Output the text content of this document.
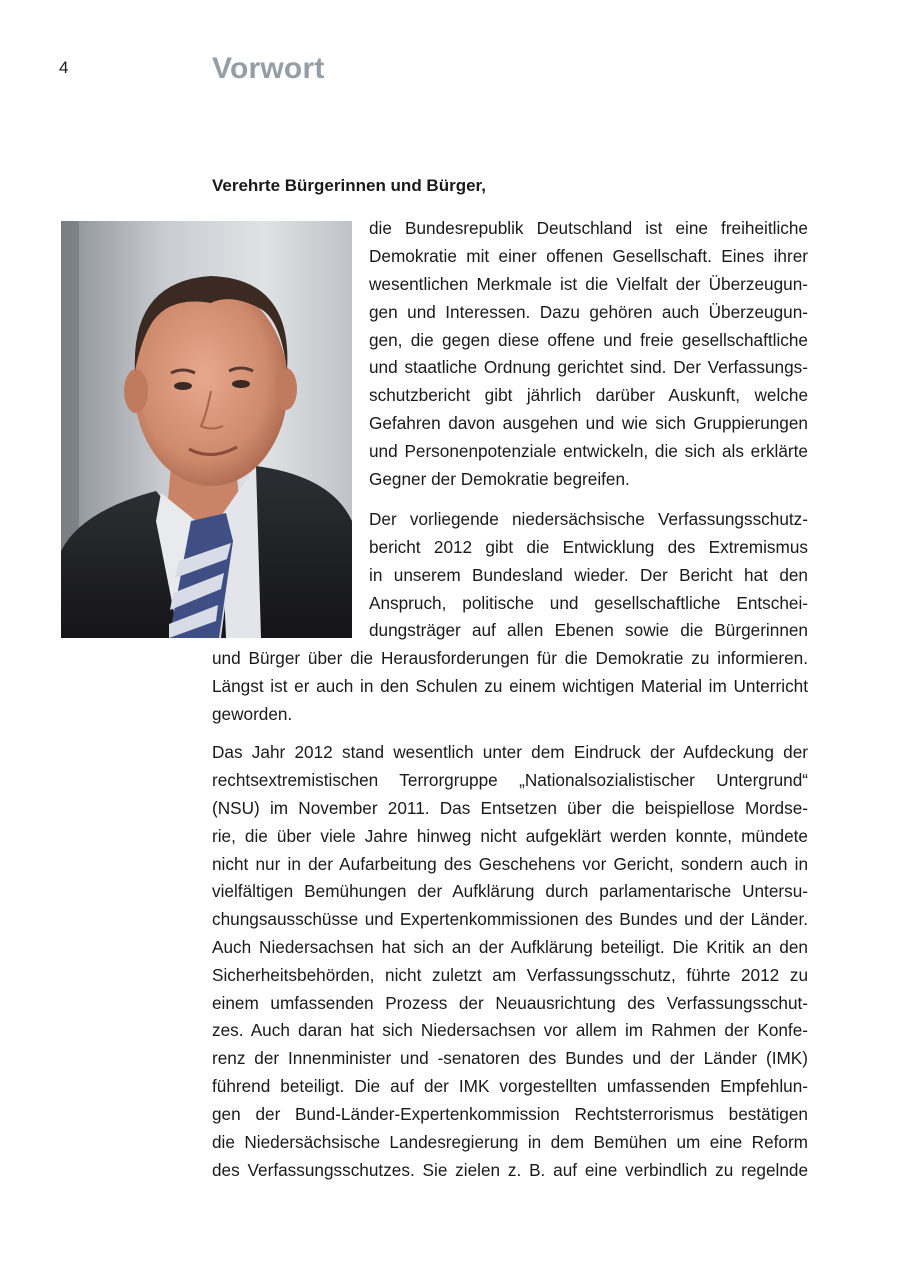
4	Vorwort

Verehrte Bürgerinnen und Bürger,

die Bundesrepublik Deutschland ist eine freiheitliche

Demokratie mit einer offenen Gesellschaft. Eines ihrer

wesentlichen Merkmale ist die Vielfalt der Überzeugun-

gen und Interessen. Dazu gehören auch Überzeugun-

gen, die gegen diese offene und freie gesellschaftliche

und staatliche Ordnung gerichtet sind. Der Verfassungs-

schutzbericht gibt jährlich darüber Auskunft, welche

Gefahren davon ausgehen und wie sich Gruppierungen

und Personenpotenziale entwickeln, die sich als erklärte

Gegner der Demokratie begreifen.

Der vorliegende niedersächsische Verfassungsschutz-

bericht 2012 gibt die Entwicklung des Extremismus

in unserem Bundesland wieder. Der Bericht hat den

Anspruch, politische und gesellschaftliche Entschei-

dungsträger auf allen Ebenen sowie die Bürgerinnen

und Bürger über die Herausforderungen für die Demokratie zu informieren.

Längst ist er auch in den Schulen zu einem wichtigen Material im Unterricht

geworden.

Das Jahr 2012 stand wesentlich unter dem Eindruck der Aufdeckung der

rechtsextremistischen Terrorgruppe „Nationalsozialistischer Untergrund“

(NSU) im November 2011. Das Entsetzen über die beispiellose Mordse-

rie, die über viele Jahre hinweg nicht aufgeklärt werden konnte, mündete

nicht nur in der Aufarbeitung des Geschehens vor Gericht, sondern auch in

vielfältigen Bemühungen der Aufklärung durch parlamentarische Untersu-

chungsausschüsse und Expertenkommissionen des Bundes und der Länder.

Auch Niedersachsen hat sich an der Aufklärung beteiligt. Die Kritik an den

Sicherheitsbehörden, nicht zuletzt am Verfassungsschutz, führte 2012 zu

einem umfassenden Prozess der Neuausrichtung des Verfassungsschut-

zes. Auch daran hat sich Niedersachsen vor allem im Rahmen der Konfe-

renz der Innenminister und -senatoren des Bundes und der Länder (IMK)

führend beteiligt. Die auf der IMK vorgestellten umfassenden Empfehlun-

gen der Bund-Länder-Expertenkommission Rechtsterrorismus bestätigen

die Niedersächsische Landesregierung in dem Bemühen um eine Reform

des Verfassungsschutzes. Sie zielen z. B. auf eine verbindlich zu regelnde
